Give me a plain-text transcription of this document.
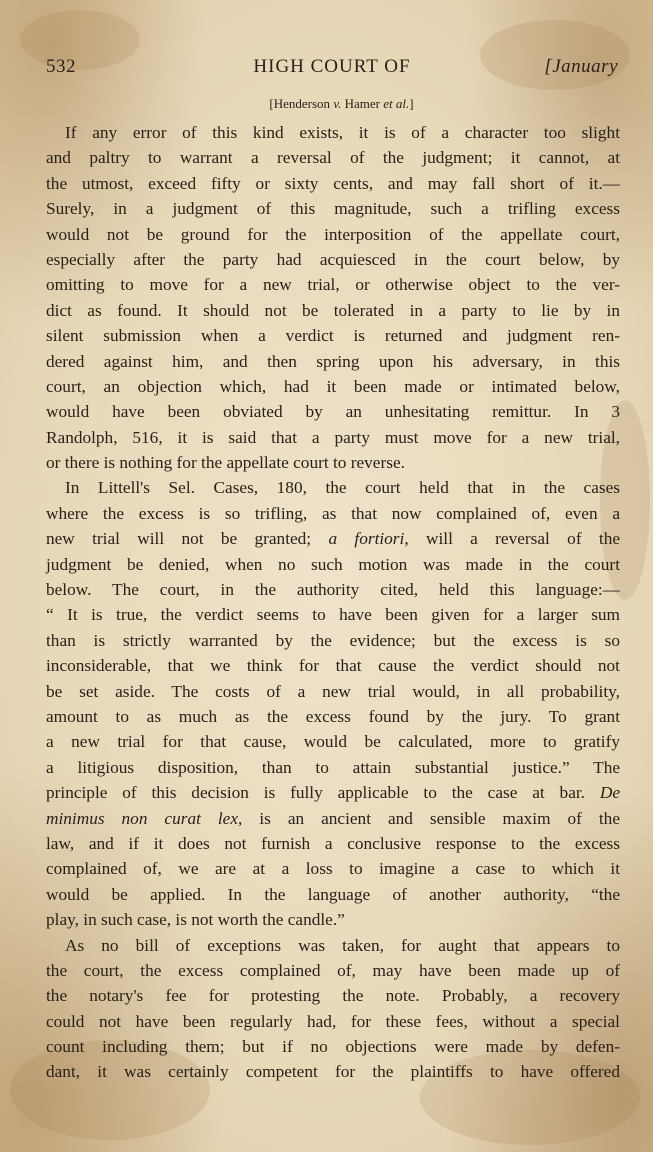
532	HIGH COURT OF	[January
[Henderson v. Hamer et al.]
If any error of this kind exists, it is of a character too slight
and paltry to warrant a reversal of the judgment; it cannot, at
the utmost, exceed fifty or sixty cents, and may fall short of it.—
Surely, in a judgment of this magnitude, such a trifling excess
would not be ground for the interposition of the appellate court,
especially after the party had acquiesced in the court below, by
omitting to move for a new trial, or otherwise object to the ver-
dict as found. It should not be tolerated in a party to lie by in
silent submission when a verdict is returned and judgment ren-
dered against him, and then spring upon his adversary, in this
court, an objection which, had it been made or intimated below,
would have been obviated by an unhesitating remittur. In 3
Randolph, 516, it is said that a party must move for a new trial,
or there is nothing for the appellate court to reverse.
In Littell's Sel. Cases, 180, the court held that in the cases
where the excess is so trifling, as that now complained of, even a
new trial will not be granted; a fortiori, will a reversal of the
judgment be denied, when no such motion was made in the court
below. The court, in the authority cited, held this language:—
“ It is true, the verdict seems to have been given for a larger sum
than is strictly warranted by the evidence; but the excess is so
inconsiderable, that we think for that cause the verdict should not
be set aside. The costs of a new trial would, in all probability,
amount to as much as the excess found by the jury. To grant
a new trial for that cause, would be calculated, more to gratify
a litigious disposition, than to attain substantial justice.” The
principle of this decision is fully applicable to the case at bar. De
minimus non curat lex, is an ancient and sensible maxim of the
law, and if it does not furnish a conclusive response to the excess
complained of, we are at a loss to imagine a case to which it
would be applied. In the language of another authority, “the
play, in such case, is not worth the candle.”
As no bill of exceptions was taken, for aught that appears to
the court, the excess complained of, may have been made up of
the notary's fee for protesting the note. Probably, a recovery
could not have been regularly had, for these fees, without a special
count including them; but if no objections were made by defen-
dant, it was certainly competent for the plaintiffs to have offered
